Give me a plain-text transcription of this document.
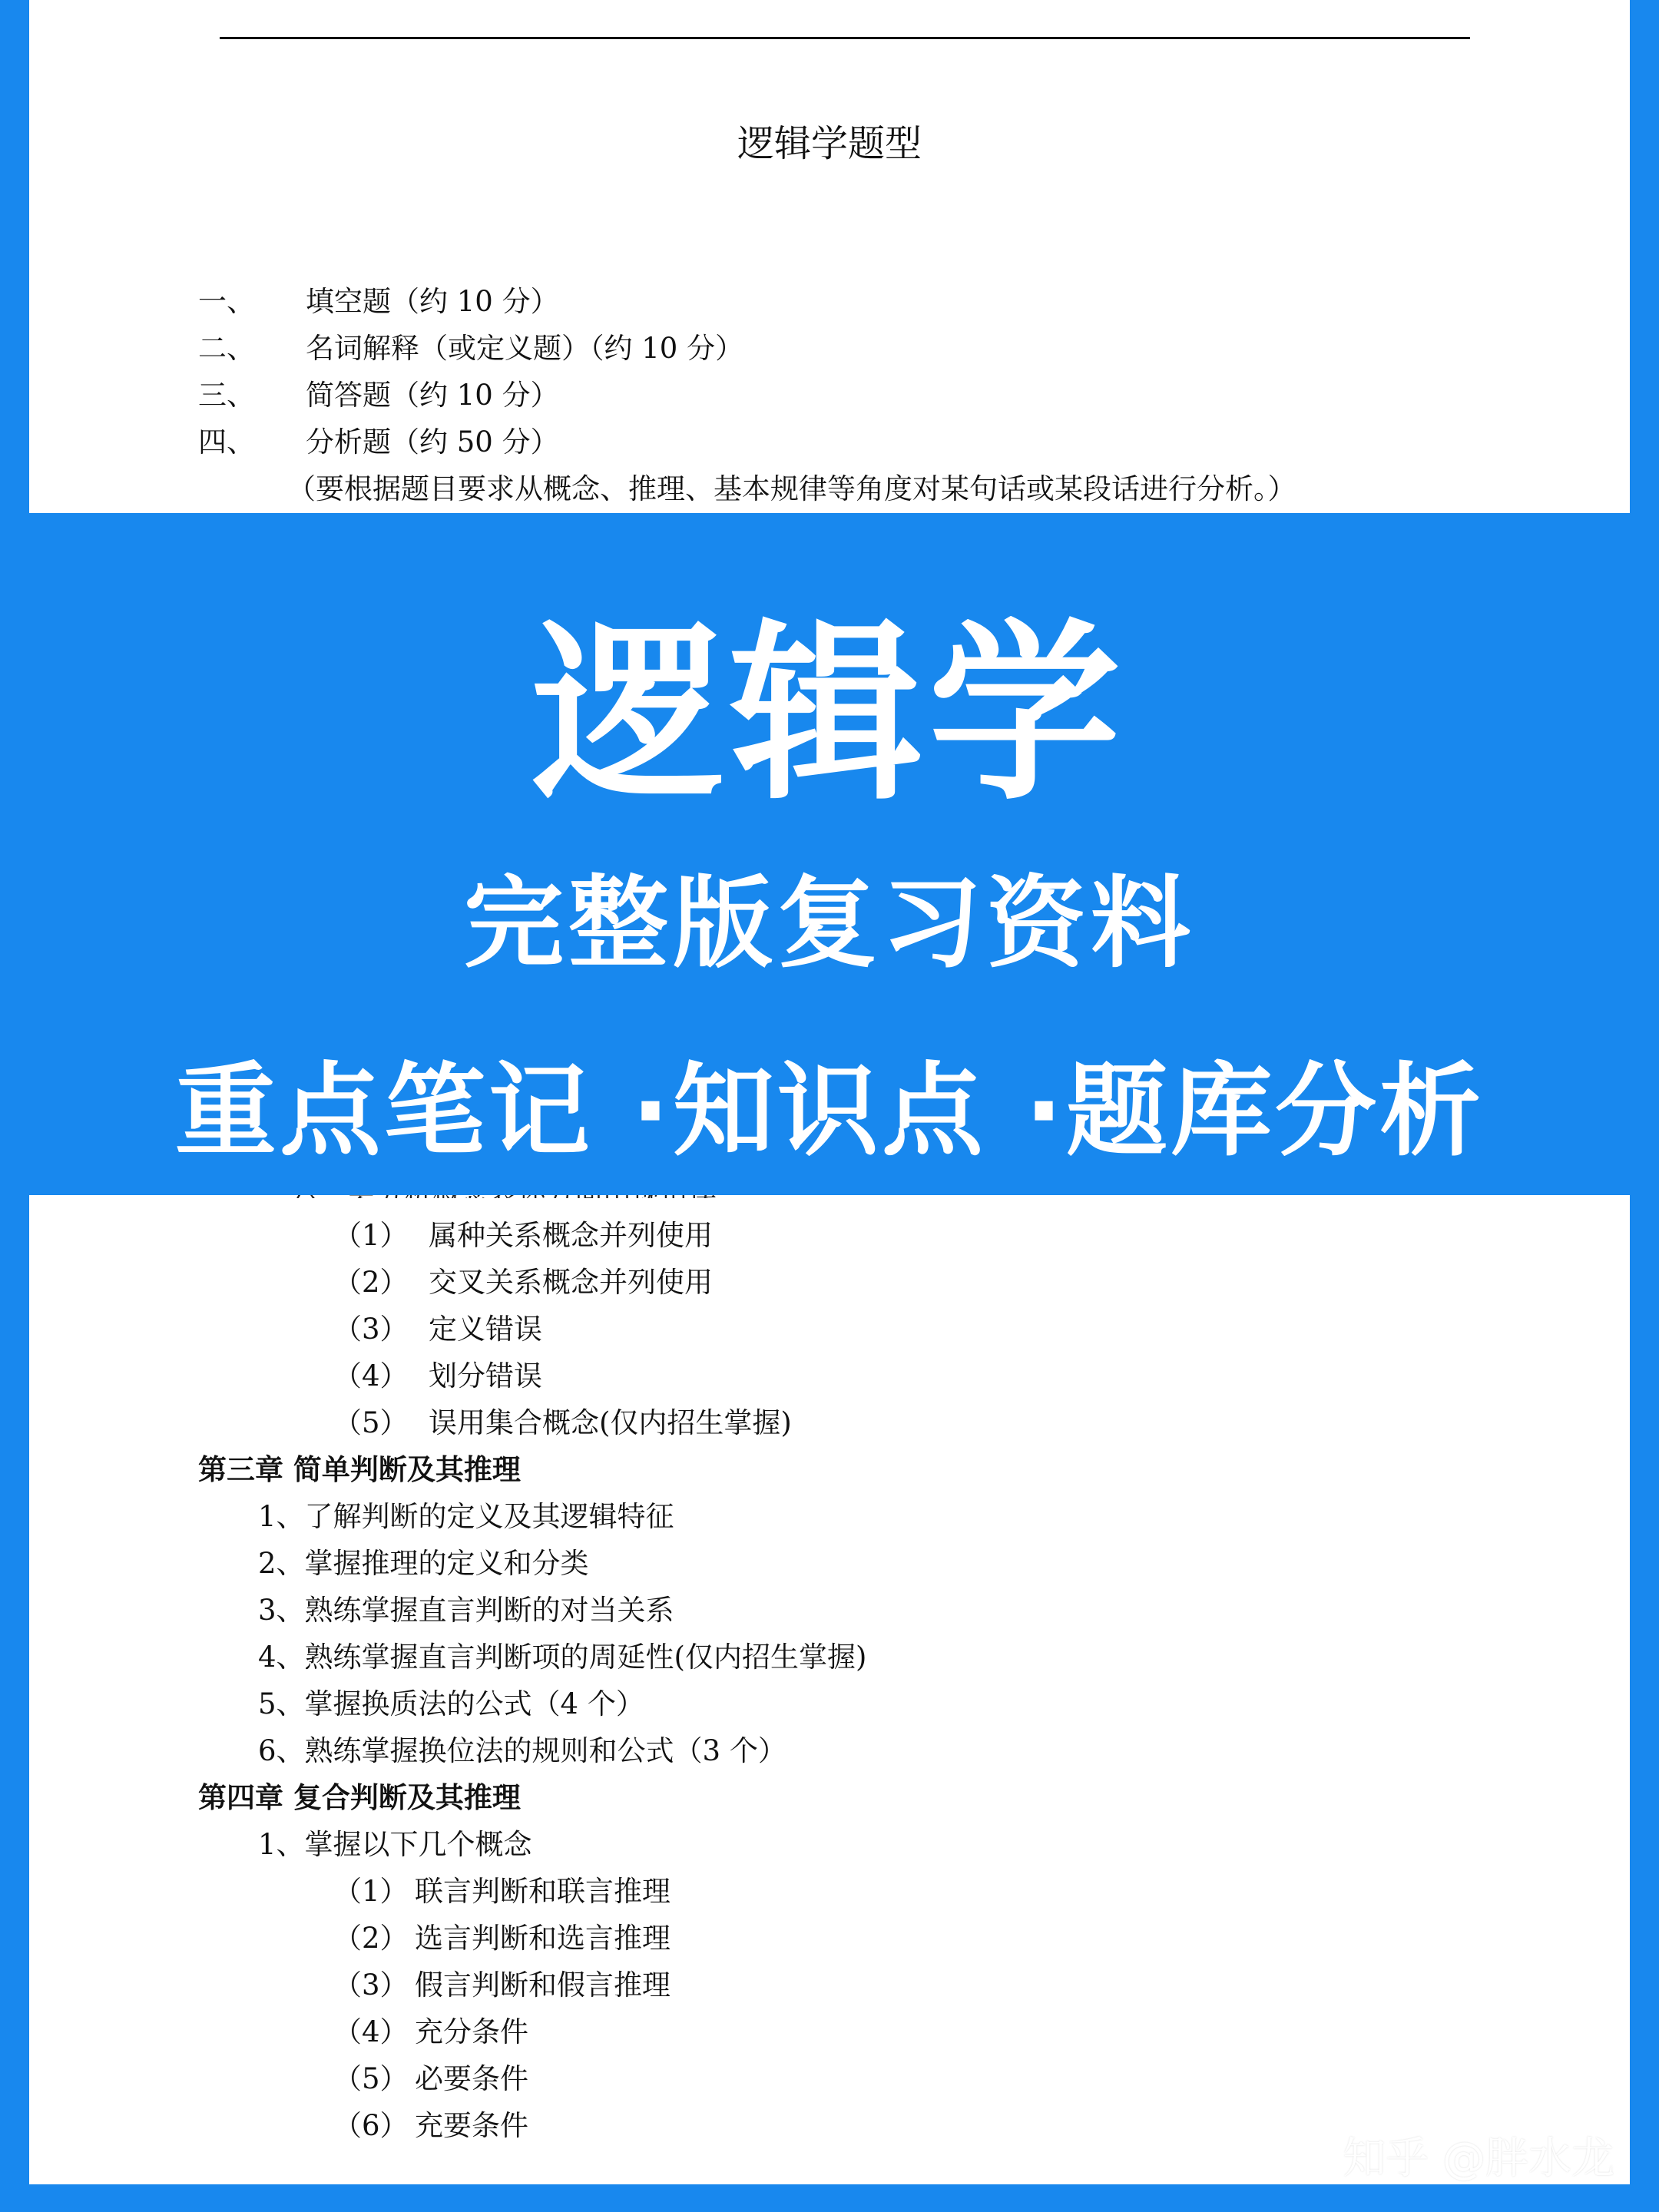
逻辑学题型
一、 填空题（约 10 分）
二、 名词解释（或定义题）（约 10 分）
三、 简答题（约 10 分）
四、 分析题（约 50 分）
（要根据题目要求从概念、推理、基本规律等角度对某句话或某段话进行分析。）
（1） 属种关系概念并列使用
（2） 交叉关系概念并列使用
（3） 定义错误
（4） 划分错误
（5） 误用集合概念(仅内招生掌握)
第三章 简单判断及其推理
1、了解判断的定义及其逻辑特征
2、掌握推理的定义和分类
3、熟练掌握直言判断的对当关系
4、熟练掌握直言判断项的周延性(仅内招生掌握)
5、掌握换质法的公式（4 个）
6、熟练掌握换位法的规则和公式（3 个）
第四章 复合判断及其推理
1、掌握以下几个概念
（1） 联言判断和联言推理
（2） 选言判断和选言推理
（3） 假言判断和假言推理
（4） 充分条件
（5） 必要条件
（6） 充要条件
逻辑学
完整版复习资料
重点笔记 ·知识点 ·题库分析
知乎 @胖水龙
